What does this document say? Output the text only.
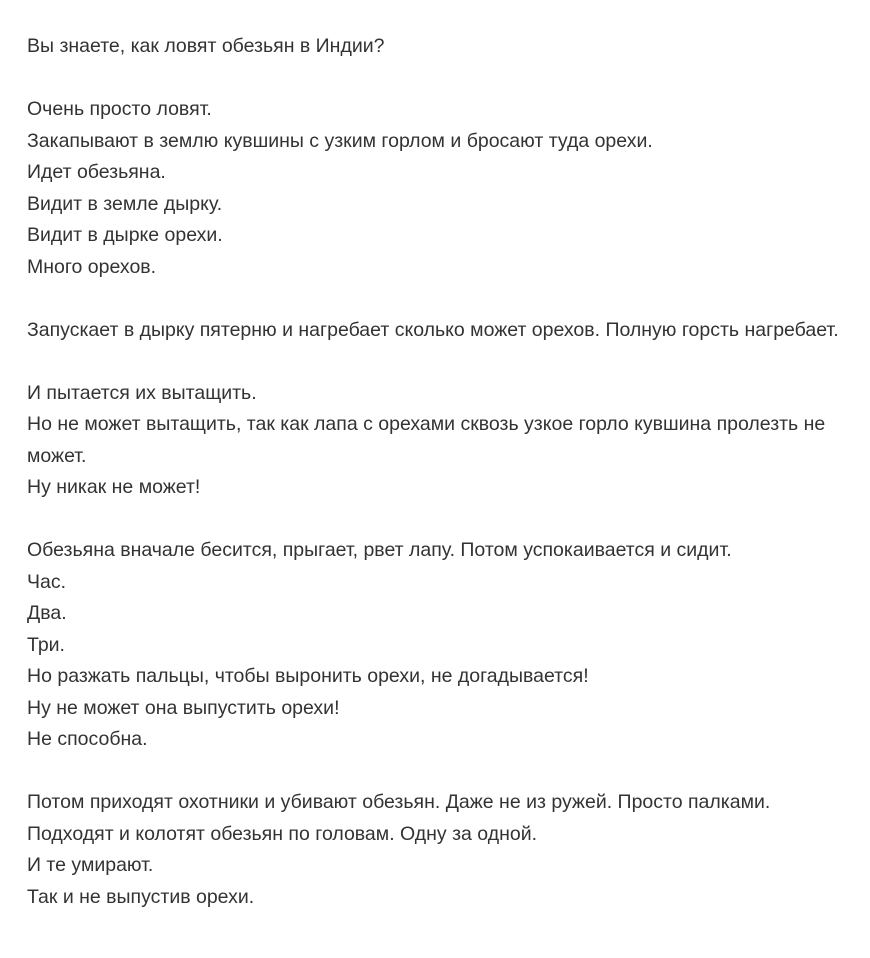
Вы знаете, как ловят обезьян в Индии?

Очень просто ловят.
Закапывают в землю кувшины с узким горлом и бросают туда орехи.
Идет обезьяна.
Видит в земле дырку.
Видит в дырке орехи.
Много орехов.

Запускает в дырку пятерню и нагребает сколько может орехов. Полную горсть нагребает.

И пытается их вытащить.
Но не может вытащить, так как лапа с орехами сквозь узкое горло кувшина пролезть не может.
Ну никак не может!

Обезьяна вначале бесится, прыгает, рвет лапу. Потом успокаивается и сидит.
Час.
Два.
Три.
Но разжать пальцы, чтобы выронить орехи, не догадывается!
Ну не может она выпустить орехи!
Не способна.

Потом приходят охотники и убивают обезьян. Даже не из ружей. Просто палками.
Подходят и колотят обезьян по головам. Одну за одной.
И те умирают.
Так и не выпустив орехи.
